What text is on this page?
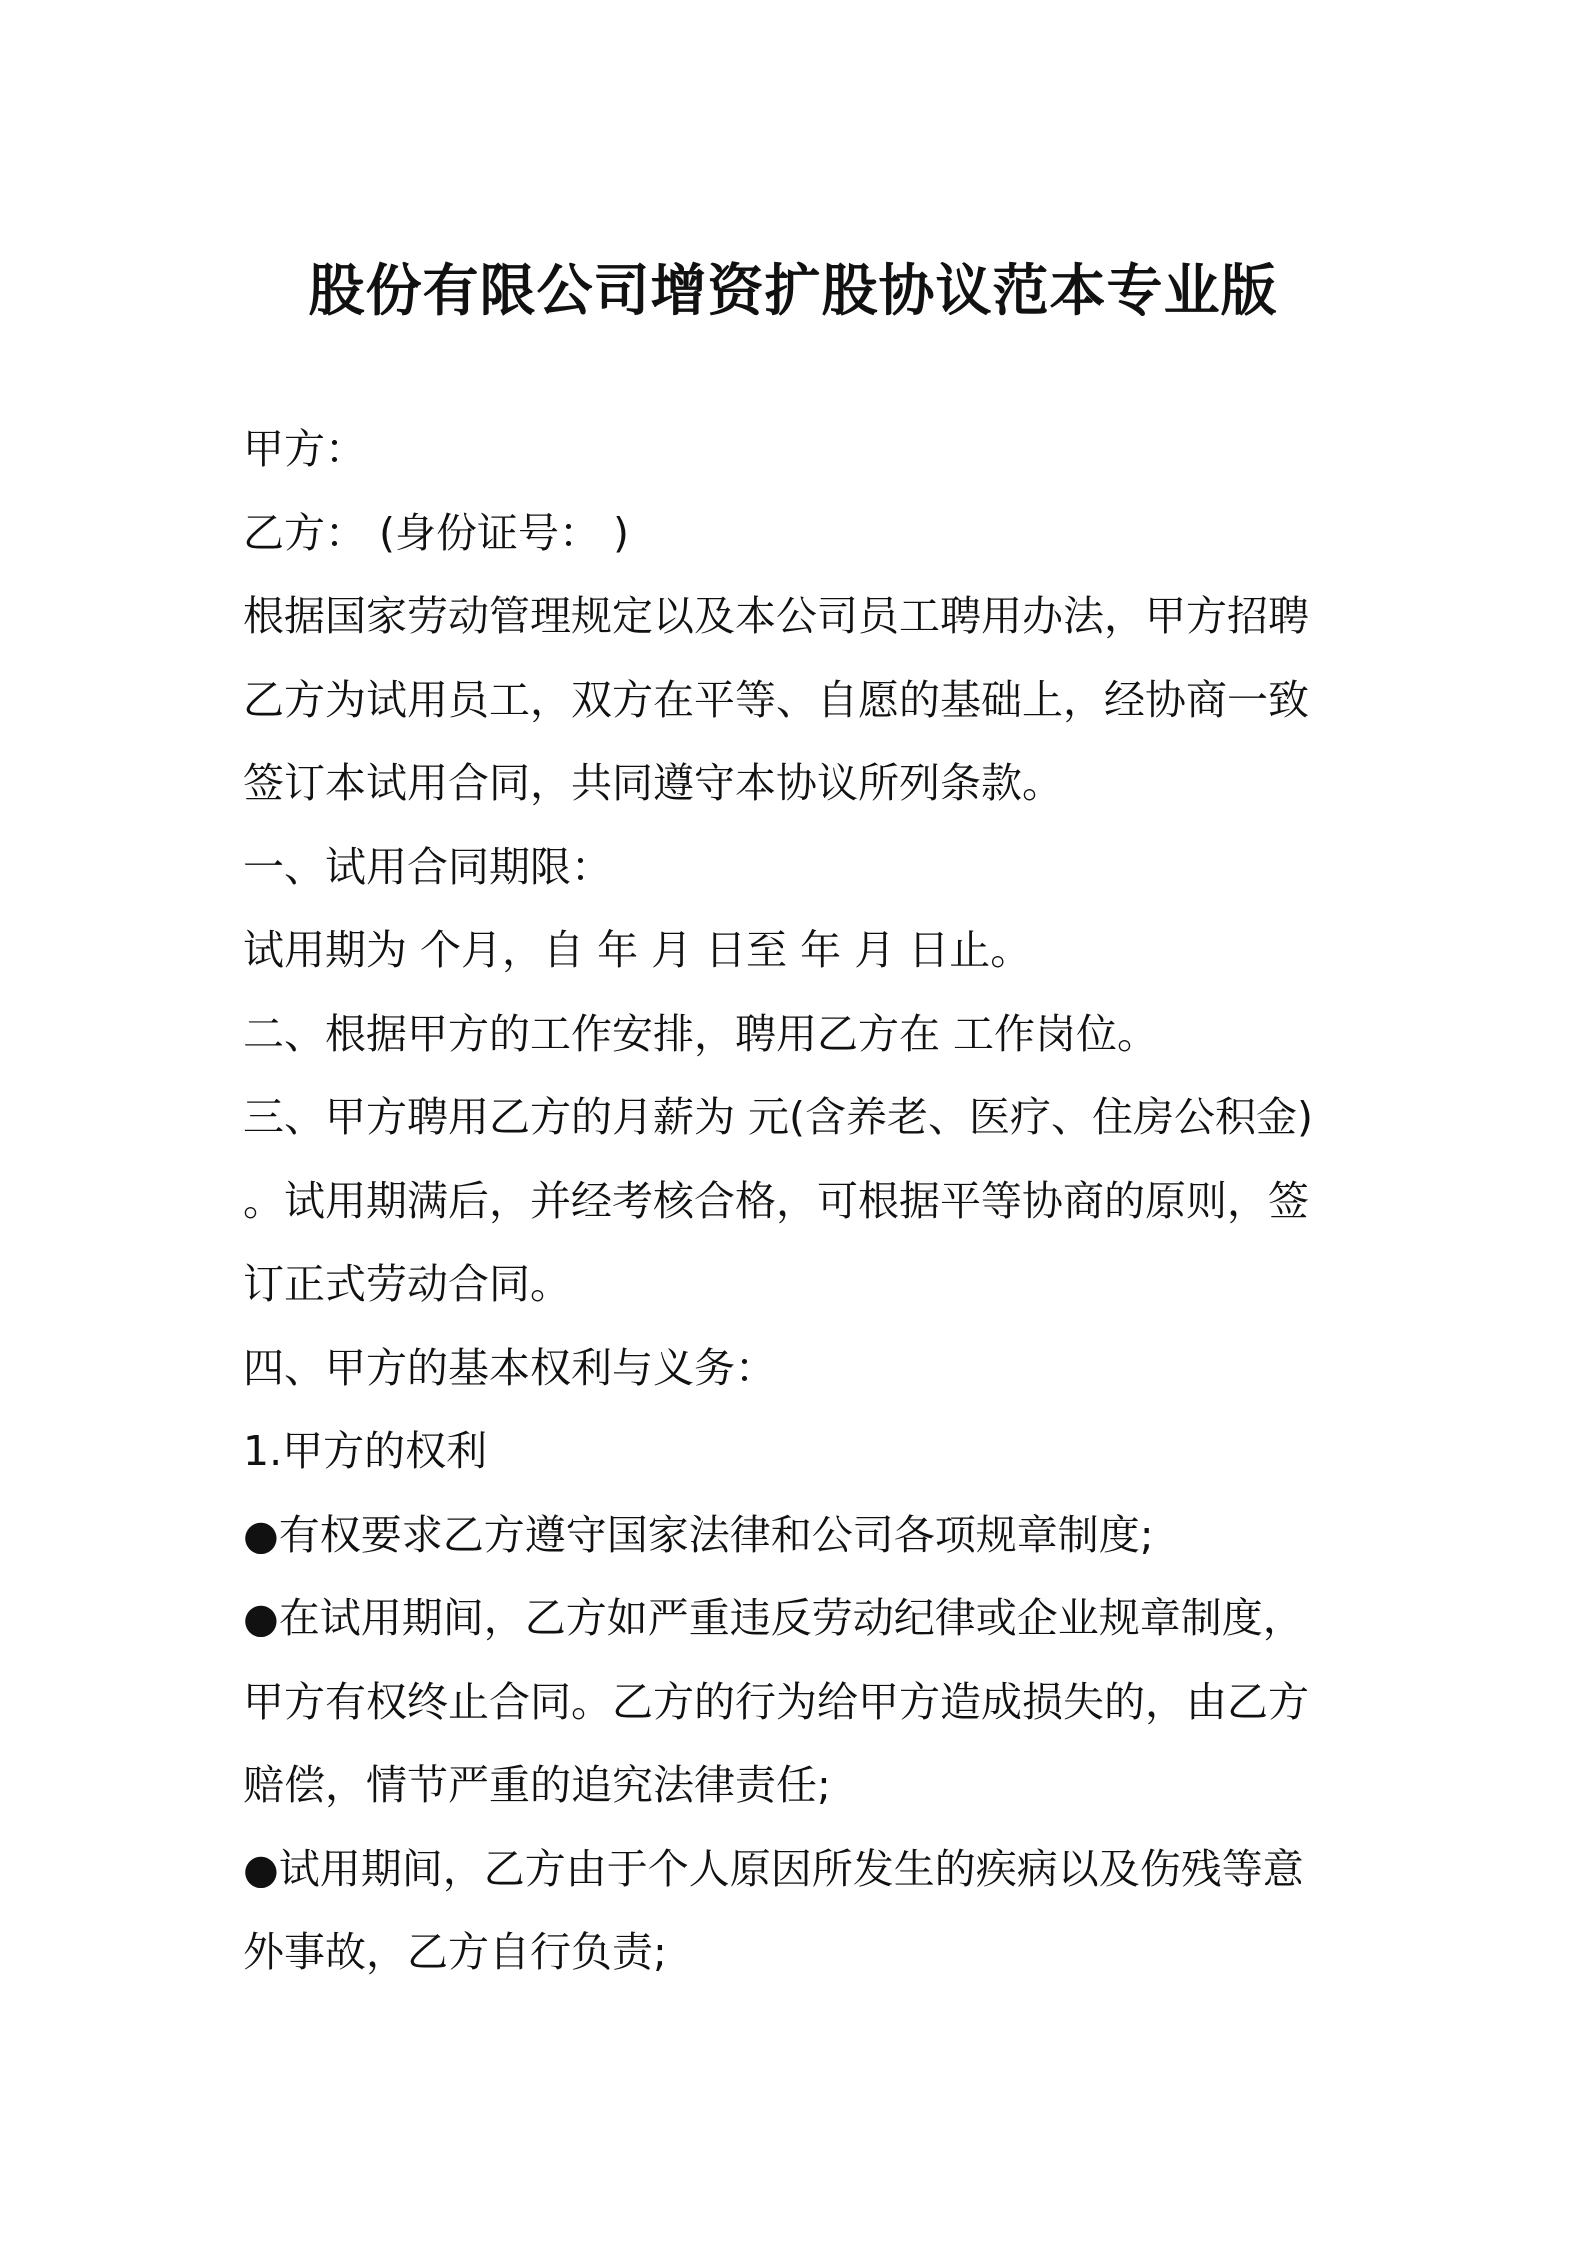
股份有限公司增资扩股协议范本专业版
甲方：
乙方： (身份证号： )
根据国家劳动管理规定以及本公司员工聘用办法，甲方招聘
乙方为试用员工，双方在平等、自愿的基础上，经协商一致
签订本试用合同，共同遵守本协议所列条款。
一、试用合同期限：
试用期为 个月，自 年 月 日至 年 月 日止。
二、根据甲方的工作安排，聘用乙方在 工作岗位。
三、甲方聘用乙方的月薪为 元(含养老、医疗、住房公积金)
。试用期满后，并经考核合格，可根据平等协商的原则，签
订正式劳动合同。
四、甲方的基本权利与义务：
1.甲方的权利
●有权要求乙方遵守国家法律和公司各项规章制度;
●在试用期间，乙方如严重违反劳动纪律或企业规章制度，
甲方有权终止合同。乙方的行为给甲方造成损失的，由乙方
赔偿，情节严重的追究法律责任;
●试用期间，乙方由于个人原因所发生的疾病以及伤残等意
外事故，乙方自行负责;
